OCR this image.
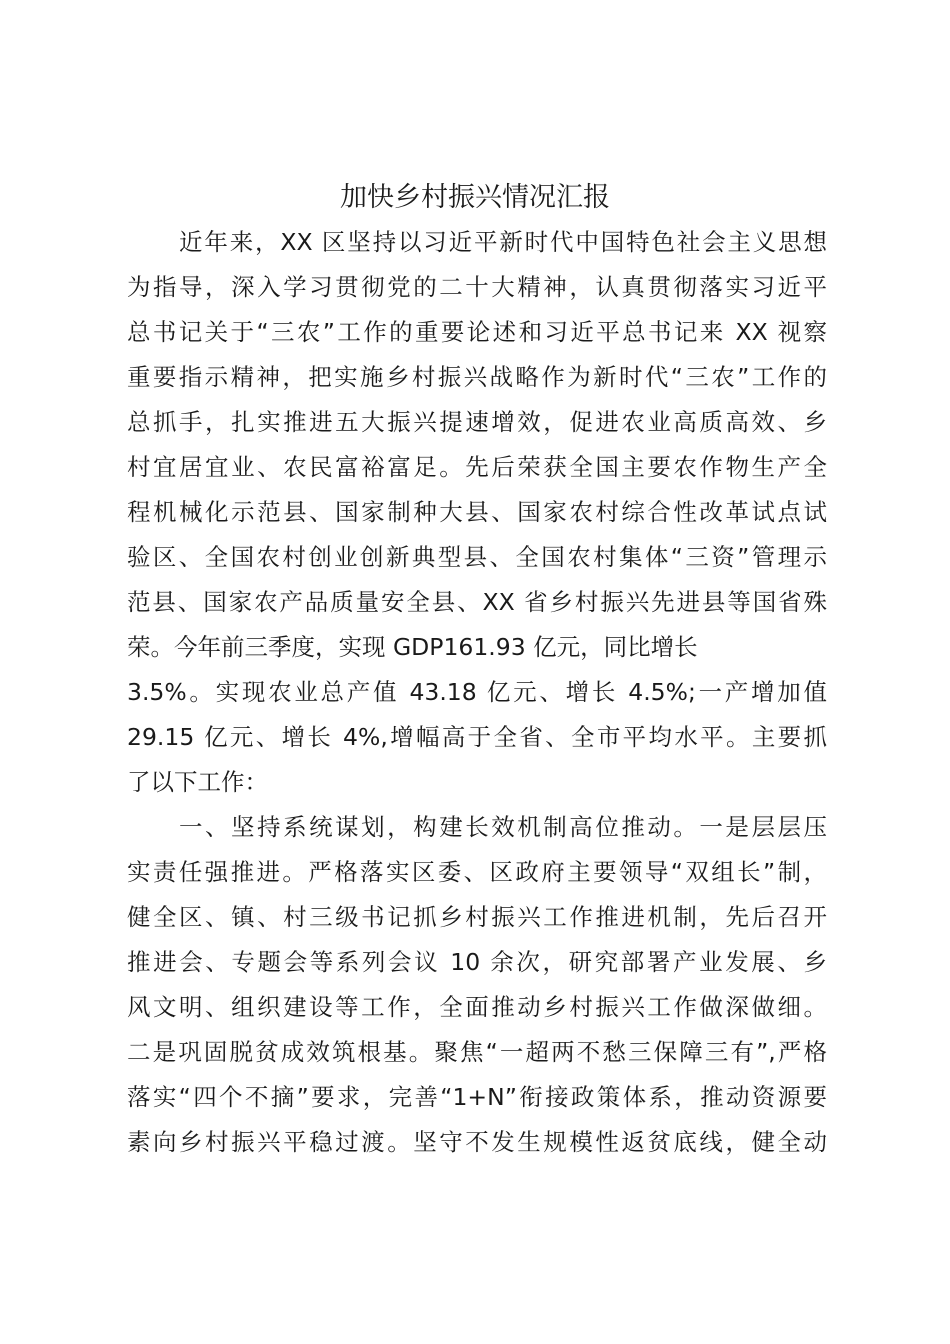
加快乡村振兴情况汇报
近年来，XX 区坚持以习近平新时代中国特色社会主义思想
为指导，深入学习贯彻党的二十大精神，认真贯彻落实习近平
总书记关于“三农”工作的重要论述和习近平总书记来 XX 视察
重要指示精神，把实施乡村振兴战略作为新时代“三农”工作的
总抓手，扎实推进五大振兴提速增效，促进农业高质高效、乡
村宜居宜业、农民富裕富足。先后荣获全国主要农作物生产全
程机械化示范县、国家制种大县、国家农村综合性改革试点试
验区、全国农村创业创新典型县、全国农村集体“三资”管理示
范县、国家农产品质量安全县、XX 省乡村振兴先进县等国省殊
荣。今年前三季度，实现 GDP161.93 亿元，同比增长
3.5%。实现农业总产值 43.18 亿元、增长 4.5%;一产增加值
29.15 亿元、增长 4%,增幅高于全省、全市平均水平。主要抓
了以下工作：
一、坚持系统谋划，构建长效机制高位推动。一是层层压
实责任强推进。严格落实区委、区政府主要领导“双组长”制，
健全区、镇、村三级书记抓乡村振兴工作推进机制，先后召开
推进会、专题会等系列会议 10 余次，研究部署产业发展、乡
风文明、组织建设等工作，全面推动乡村振兴工作做深做细。
二是巩固脱贫成效筑根基。聚焦“一超两不愁三保障三有”,严格
落实“四个不摘”要求，完善“1+N”衔接政策体系，推动资源要
素向乡村振兴平稳过渡。坚守不发生规模性返贫底线，健全动
